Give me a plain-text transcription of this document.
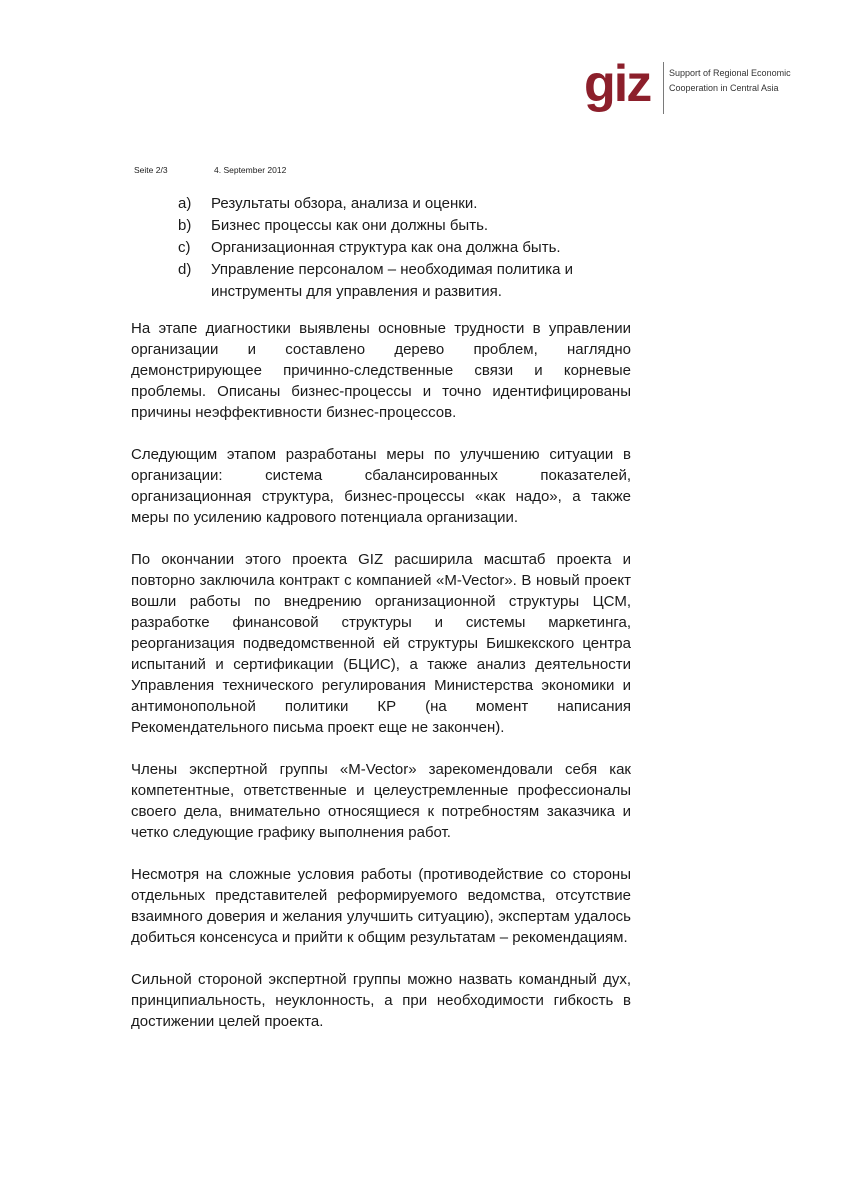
giz Support of Regional Economic
Cooperation in Central Asia
Seite 2/3	4. September 2012
a) Результаты обзора, анализа и оценки.
b) Бизнес процессы как они должны быть.
c) Организационная структура как она должна быть.
d) Управление персоналом – необходимая политика и инструменты для управления и развития.

На этапе диагностики выявлены основные трудности в управлении организации и составлено дерево проблем, наглядно демонстрирующее причинно-следственные связи и корневые проблемы. Описаны бизнес-процессы и точно идентифицированы причины неэффективности бизнес-процессов.

Следующим этапом разработаны меры по улучшению ситуации в организации: система сбалансированных показателей, организационная структура, бизнес-процессы «как надо», а также меры по усилению кадрового потенциала организации.

По окончании этого проекта GIZ расширила масштаб проекта и повторно заключила контракт с компанией «M-Vector». В новый проект вошли работы по внедрению организационной структуры ЦСМ, разработке финансовой структуры и системы маркетинга, реорганизация подведомственной ей структуры Бишкекского центра испытаний и сертификации (БЦИС), а также анализ деятельности Управления технического регулирования Министерства экономики и антимонопольной политики КР (на момент написания Рекомендательного письма проект еще не закончен).

Члены экспертной группы «M-Vector» зарекомендовали себя как компетентные, ответственные и целеустремленные профессионалы своего дела, внимательно относящиеся к потребностям заказчика и четко следующие графику выполнения работ.

Несмотря на сложные условия работы (противодействие со стороны отдельных представителей реформируемого ведомства, отсутствие взаимного доверия и желания улучшить ситуацию), экспертам удалось добиться консенсуса и прийти к общим результатам – рекомендациям.

Сильной стороной экспертной группы можно назвать командный дух, принципиальность, неуклонность, а при необходимости гибкость в достижении целей проекта.
